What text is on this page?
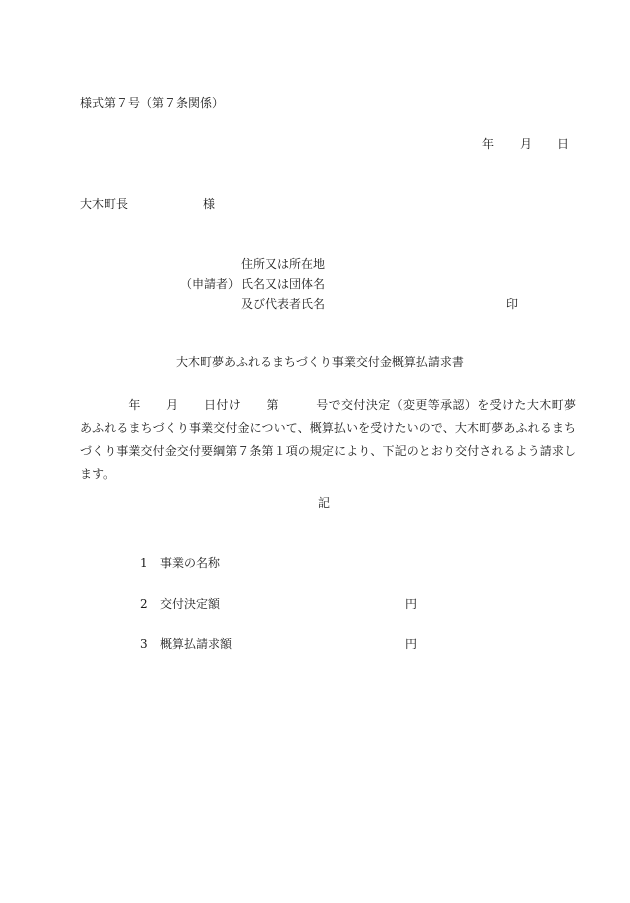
様式第７号（第７条関係）
年 月 日
大木町長	様
住所又は所在地
（申請者） 氏名又は団体名
及び代表者氏名	印
大木町夢あふれるまちづくり事業交付金概算払請求書
年 月 日付け 第	号で交付決定（変更等承認）を受けた大木町夢あふれるまちづくり事業交付金について、概算払いを受けたいので、大木町夢あふれるまちづくり事業交付金交付要綱第７条第１項の規定により、下記のとおり交付されるよう請求します。
記
1 事業の名称
2 交付決定額	円
3 概算払請求額	円
